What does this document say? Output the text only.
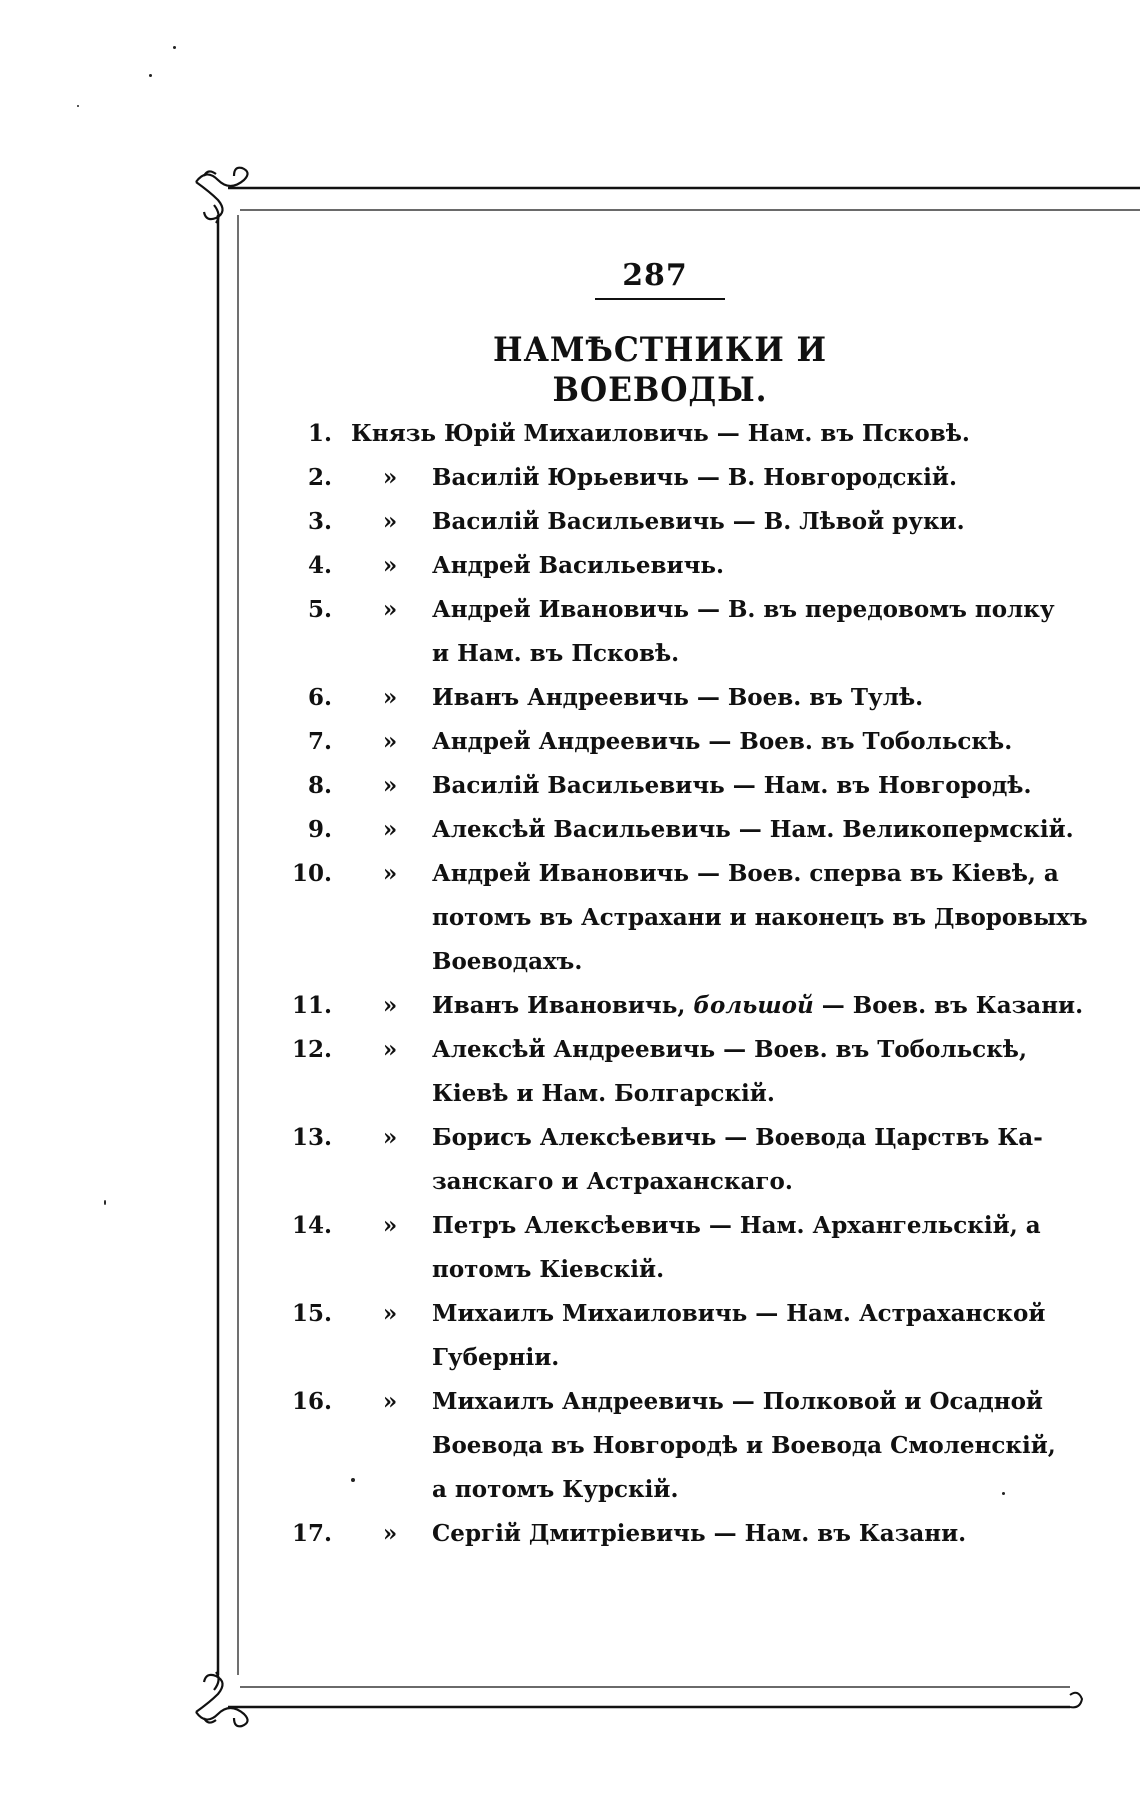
287
НАМѢСТНИКИ И ВОЕВОДЫ.
1. Князь Юрій Михаиловичь — Нам. въ Псковѣ.
2. » Василій Юрьевичь — В. Новгородскій.
3. » Василій Васильевичь — В. Лѣвой руки.
4. » Андрей Васильевичь.
5. » Андрей Ивановичь — В. въ передовомъ полку
и Нам. въ Псковѣ.
6. » Иванъ Андреевичь — Воев. въ Тулѣ.
7. » Андрей Андреевичь — Воев. въ Тобольскѣ.
8. » Василій Васильевичь — Нам. въ Новгородѣ.
9. » Алексѣй Васильевичь — Нам. Великопермскій.
10. » Андрей Ивановичь — Воев. сперва въ Кіевѣ, а
потомъ въ Астрахани и наконецъ въ Дворовыхъ
Воеводахъ.
11. » Иванъ Ивановичь, большой — Воев. въ Казани.
12. » Алексѣй Андреевичь — Воев. въ Тобольскѣ,
Кіевѣ и Нам. Болгарскій.
13. » Борисъ Алексѣевичь — Воевода Царствъ Ка-
занскаго и Астраханскаго.
14. » Петръ Алексѣевичь — Нам. Архангельскій, а
потомъ Кіевскій.
15. » Михаилъ Михаиловичь — Нам. Астраханской
Губерніи.
16. » Михаилъ Андреевичь — Полковой и Осадной
Воевода въ Новгородѣ и Воевода Смоленскій,
а потомъ Курскій.
17. » Сергій Дмитріевичь — Нам. въ Казани.
